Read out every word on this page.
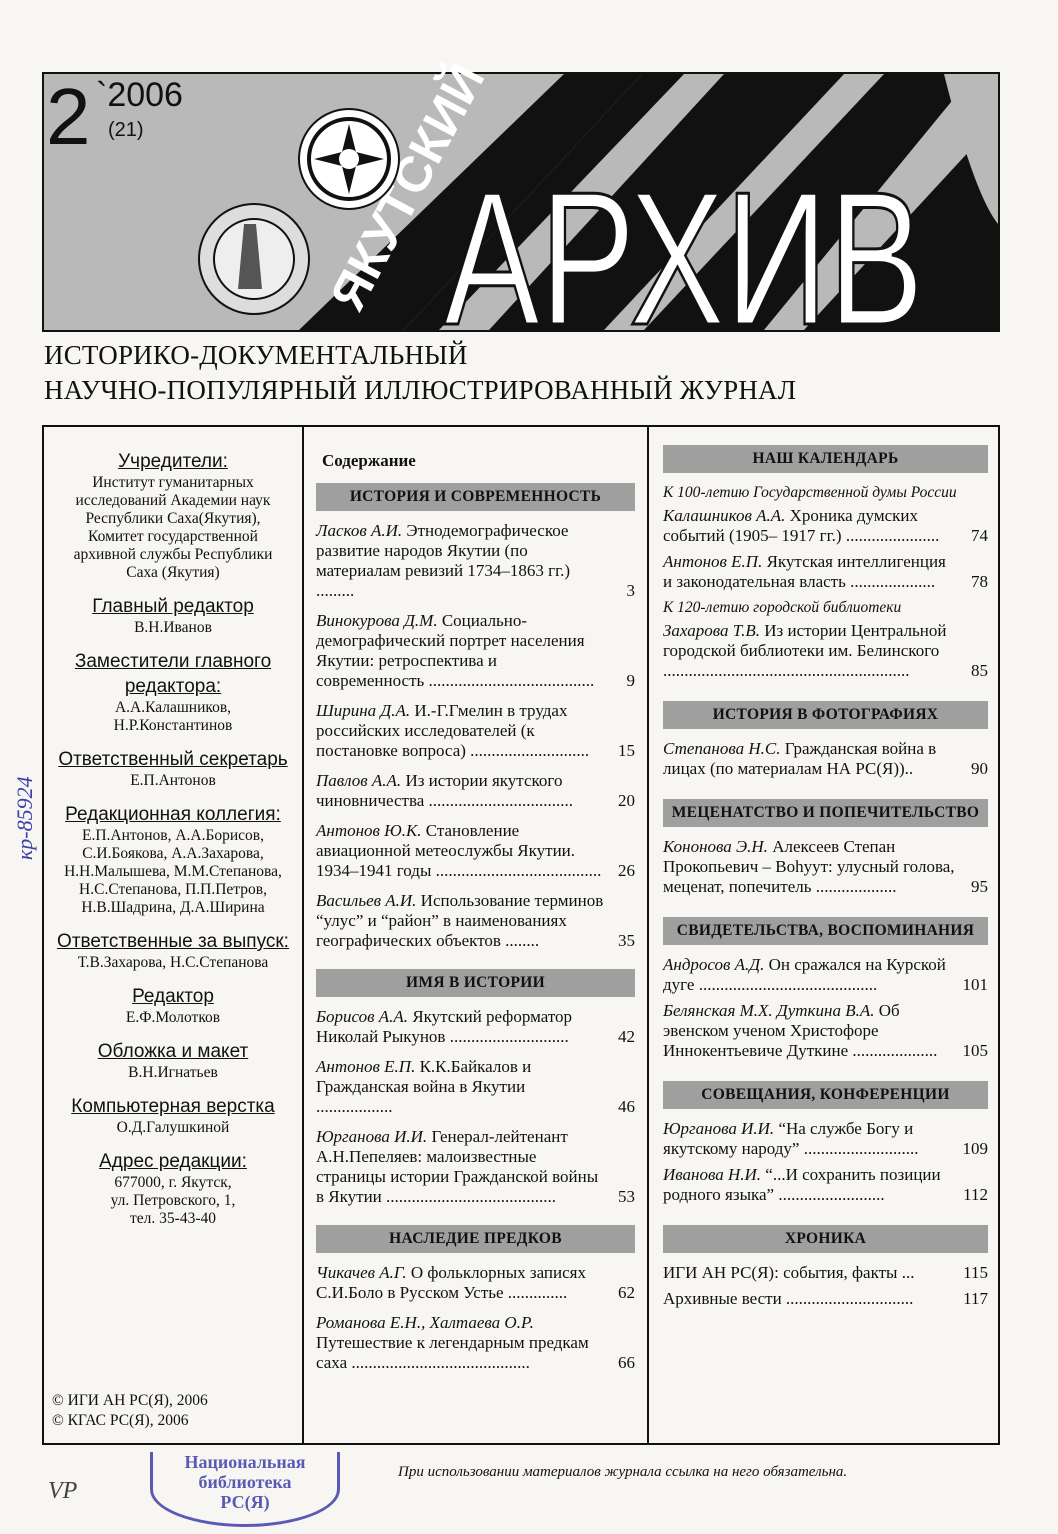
ЯКУТСКИЙ
АРХИВ
2 `2006
(21)
ИСТОРИКО-ДОКУМЕНТАЛЬНЫЙ
НАУЧНО-ПОПУЛЯРНЫЙ ИЛЛЮСТРИРОВАННЫЙ ЖУРНАЛ
Учредители:
Институт гуманитарных
исследований Академии наук
Республики Саха(Якутия),
Комитет государственной
архивной службы Республики
Саха (Якутия)
Главный редактор
В.Н.Иванов
Заместители главного редактора:
А.А.Калашников,
Н.Р.Константинов
Ответственный секретарь
Е.П.Антонов
Редакционная коллегия:
Е.П.Антонов, А.А.Борисов,
С.И.Боякова, А.А.Захарова,
Н.Н.Малышева, М.М.Степанова,
Н.С.Степанова, П.П.Петров,
Н.В.Шадрина, Д.А.Ширина
Ответственные за выпуск:
Т.В.Захарова, Н.С.Степанова
Редактор
Е.Ф.Молотков
Обложка и макет
В.Н.Игнатьев
Компьютерная верстка
О.Д.Галушкиной
Адрес редакции:
677000, г. Якутск,
ул. Петровского, 1,
тел. 35-43-40
© ИГИ АН РС(Я), 2006
© КГАС РС(Я), 2006
Содержание
ИСТОРИЯ И СОВРЕМЕННОСТЬ
Ласков А.И. Этнодемографическое развитие народов Якутии (по материалам ревизий 1734–1863 гг.) .........	3
Винокурова Д.М. Социально-демографический портрет населения Якутии: ретроспектива и современность ....................................... 9
Ширина Д.А. И.-Г.Гмелин в трудах российских исследователей (к постановке вопроса) ............................ 15
Павлов А.А. Из истории якутского чиновничества ..................................	20
Антонов Ю.К. Становление авиационной метеослужбы Якутии. 1934–1941 годы ....................................... 26
Васильев А.И. Использование терминов “улус” и “район” в наименованиях географических объектов ........	35
ИМЯ В ИСТОРИИ
Борисов А.А. Якутский реформатор Николай Рыкунов ............................	42
Антонов Е.П. К.К.Байкалов и Гражданская война в Якутии ..................	46
Юрганова И.И. Генерал-лейтенант А.Н.Пепеляев: малоизвестные страницы истории Гражданской войны в Якутии ........................................	53
НАСЛЕДИЕ ПРЕДКОВ
Чикачев А.Г. О фольклорных записях С.И.Боло в Русском Устье ..............	62
Романова Е.Н., Халтаева О.Р. Путешествие к легендарным предкам саха ..........................................	66
НАШ КАЛЕНДАРЬ
К 100-летию Государственной думы России
Калашников А.А. Хроника думских событий (1905– 1917 гг.) ...................... 74
Антонов Е.П. Якутская интеллигенция и законодательная власть .................... 78
К 120-летию городской библиотеки
Захарова Т.В. Из истории Центральной городской библиотеки им. Белинского ..........................................................	85
ИСТОРИЯ В ФОТОГРАФИЯХ
Степанова Н.С. Гражданская война в лицах (по материалам НА РС(Я))..	90
МЕЦЕНАТСТВО И ПОПЕЧИТЕЛЬСТВО
Кононова Э.Н. Алексеев Степан Прокопьевич – Boһуут: улусный голова, меценат, попечитель ...................	95
СВИДЕТЕЛЬСТВА, ВОСПОМИНАНИЯ
Андросов А.Д. Он сражался на Курской дуге ..........................................	101
Белянская М.Х. Дуткина В.А. Об эвенском ученом Христофоре Иннокентьевиче Дуткине .................... 105
СОВЕЩАНИЯ, КОНФЕРЕНЦИИ
Юрганова И.И. “На службе Богу и якутскому народу” ...........................	109
Иванова Н.И. “...И сохранить позиции родного языка” .........................	112
ХРОНИКА
ИГИ АН РС(Я): события, факты ...	115
Архивные вести ..............................	117
При использовании материалов журнала ссылка на него обязательна.
Национальная
библиотека
РС(Я)
кр-85924
VP
